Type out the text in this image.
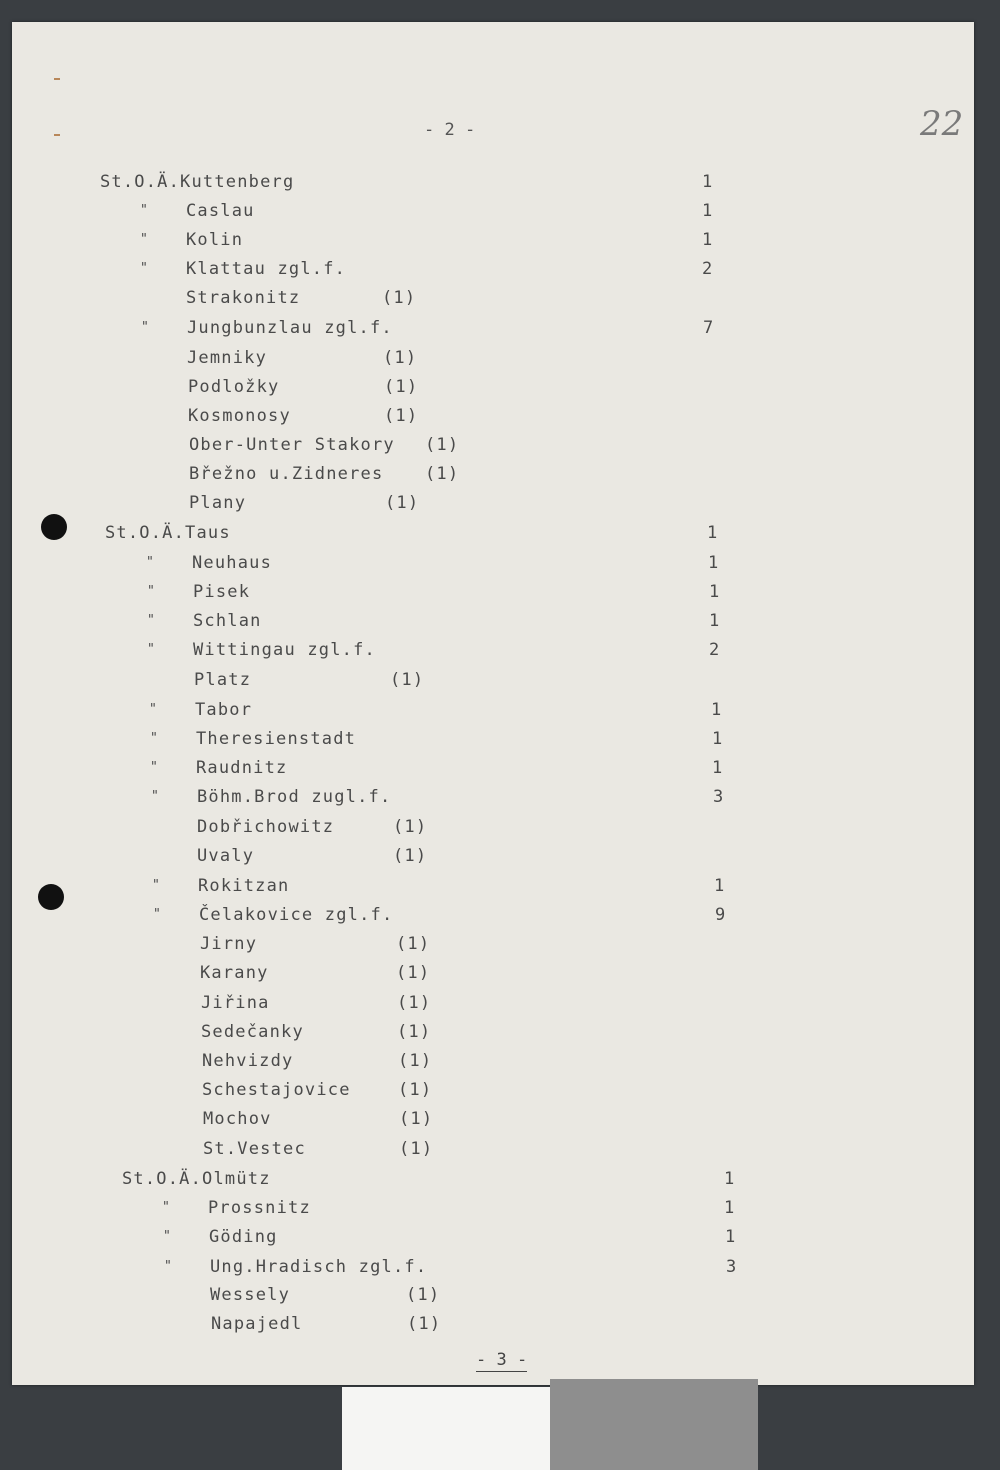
- 2 -	22
St.O.Ä.Kuttenberg	1
" Caslau	1
" Kolin	1
" Klattau zgl.f.	2
Strakonitz	(1)
" Jungbunzlau zgl.f.	7
Jemniky	(1)
Podložky	(1)
Kosmonosy	(1)
Ober-Unter Stakory (1)
Břežno u.Zidneres (1)
Plany	(1)
St.O.Ä.Taus	1
" Neuhaus	1
" Pisek	1
" Schlan	1
" Wittingau zgl.f.	2
Platz	(1)
" Tabor	1
" Theresienstadt	1
" Raudnitz	1
" Böhm.Brod zugl.f.	3
Dobřichowitz	(1)
Uvaly	(1)
" Rokitzan	1
" Čelakovice zgl.f.	9
Jirny	(1)
Karany	(1)
Jiřina	(1)
Sedečanky	(1)
Nehvizdy	(1)
Schestajovice	(1)
Mochov	(1)
St.Vestec	(1)
St.O.Ä.Olmütz	1
" Prossnitz	1
" Göding	1
" Ung.Hradisch zgl.f.	3
Wessely	(1)
Napajedl	(1)
- 3 -
